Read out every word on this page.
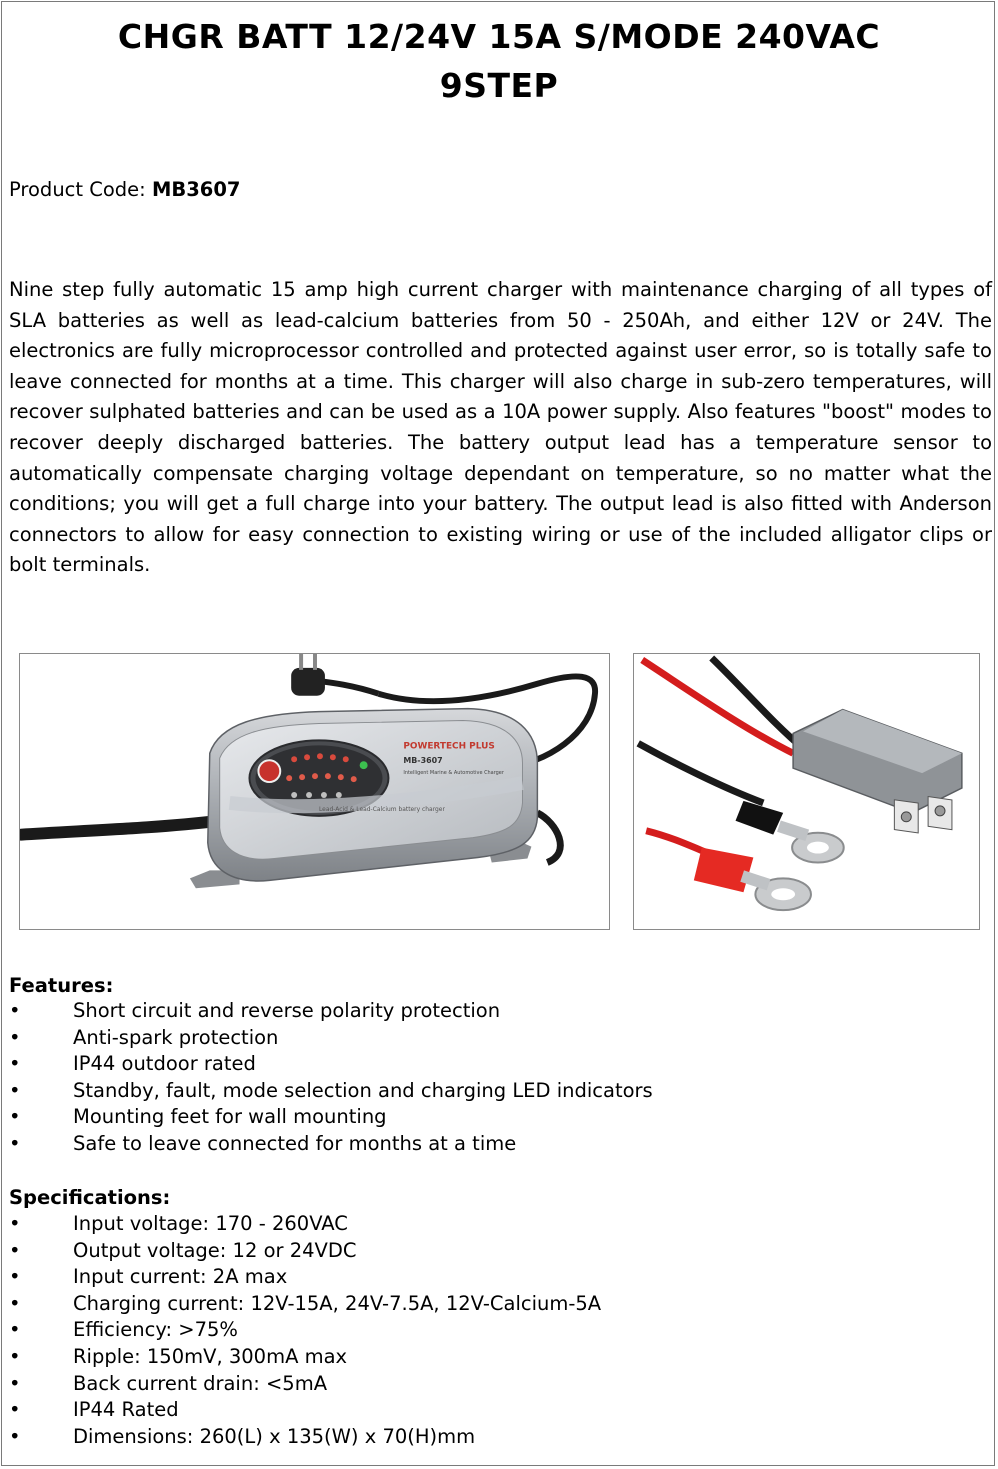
CHGR BATT 12/24V 15A S/MODE 240VAC
9STEP
Product Code: MB3607
Nine step fully automatic 15 amp high current charger with maintenance charging of all types of SLA batteries as well as lead-calcium batteries from 50 - 250Ah, and either 12V or 24V. The electronics are fully microprocessor controlled and protected against user error, so is totally safe to leave connected for months at a time. This charger will also charge in sub-zero temperatures, will recover sulphated batteries and can be used as a 10A power supply. Also features "boost" modes to recover deeply discharged batteries. The battery output lead has a temperature sensor to automatically compensate charging voltage dependant on temperature, so no matter what the conditions; you will get a full charge into your battery. The output lead is also fitted with Anderson connectors to allow for easy connection to existing wiring or use of the included alligator clips or bolt terminals.
POWERTECH PLUS
MB-3607
Intelligent Marine & Automotive Charger
Lead-Acid & Lead-Calcium battery charger
Features:
•	Short circuit and reverse polarity protection
•	Anti-spark protection
•	IP44 outdoor rated
•	Standby, fault, mode selection and charging LED indicators
•	Mounting feet for wall mounting
•	Safe to leave connected for months at a time
Specifications:
•	Input voltage: 170 - 260VAC
•	Output voltage: 12 or 24VDC
•	Input current: 2A max
•	Charging current: 12V-15A, 24V-7.5A, 12V-Calcium-5A
•	Efficiency: >75%
•	Ripple: 150mV, 300mA max
•	Back current drain: <5mA
•	IP44 Rated
•	Dimensions: 260(L) x 135(W) x 70(H)mm
